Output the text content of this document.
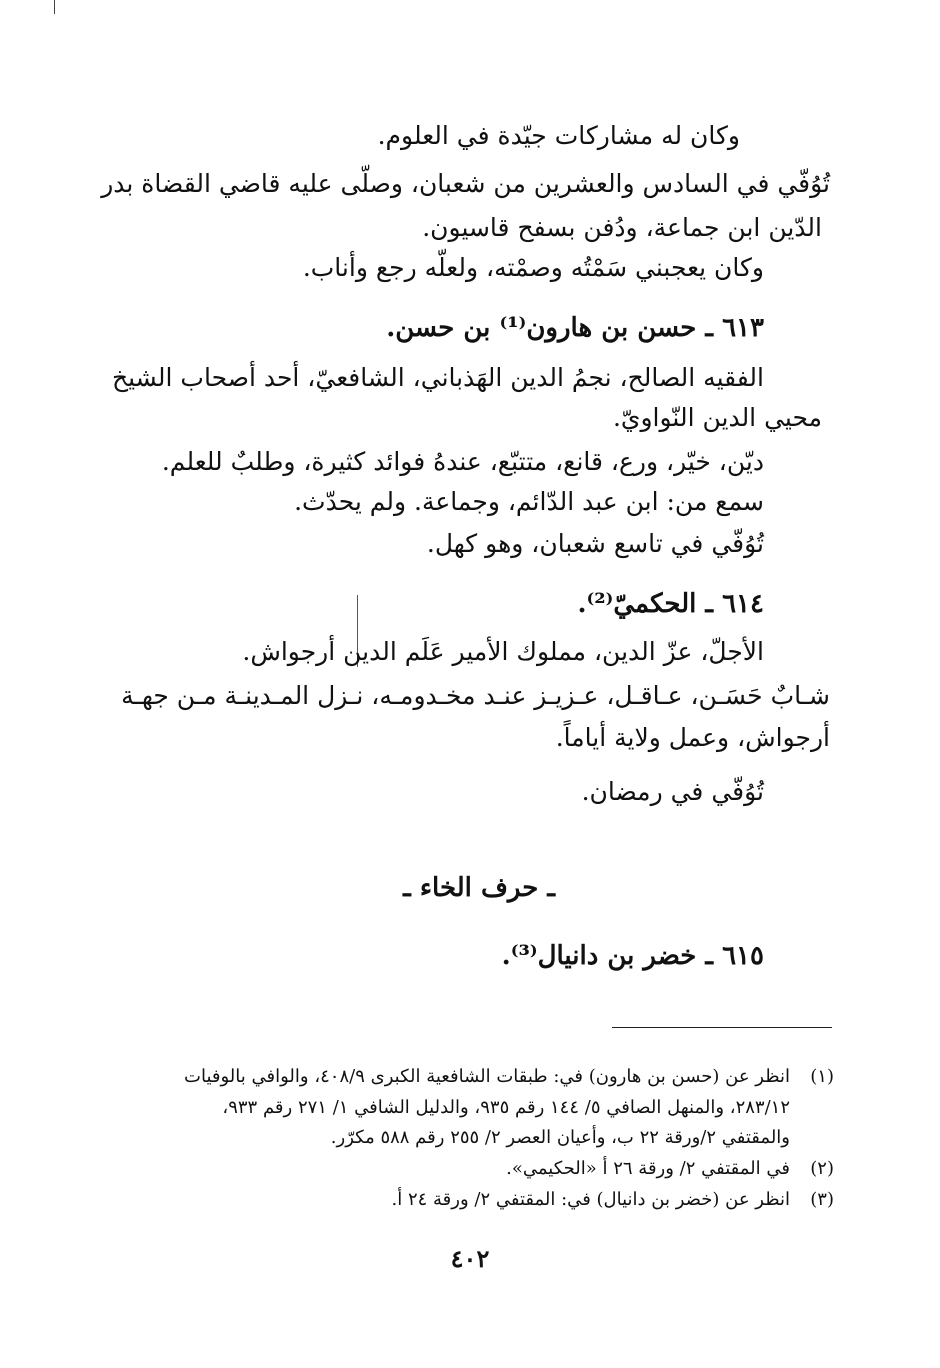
وكان له مشاركات جيّدة في العلوم.
تُوُفّي في السادس والعشرين من شعبان، وصلّى عليه قاضي القضاة بدر
الدّين ابن جماعة، ودُفن بسفح قاسيون.
وكان يعجبني سَمْتُه وصمْته، ولعلّه رجع وأناب.
٦١٣ ـ حسن بن هارون⁽¹⁾ بن حسن.
الفقيه الصالح، نجمُ الدين الهَذباني، الشافعيّ، أحد أصحاب الشيخ
محيي الدين النّواويّ.
ديّن، خيّر، ورع، قانع، متتبّع، عندهُ فوائد كثيرة، وطلبٌ للعلم.
سمع من: ابن عبد الدّائم، وجماعة. ولم يحدّث.
تُوُفّي في تاسع شعبان، وهو كهل.
٦١٤ ـ الحكميّ⁽²⁾.
الأجلّ، عزّ الدين، مملوك الأمير عَلَم الدين أرجواش.
شـابٌ حَسَـن، عـاقـل، عـزيـز عنـد مخـدومـه، نـزل المـدينـة مـن جهـة
أرجواش، وعمل ولاية أياماً.
تُوُفّي في رمضان.
ـ حرف الخاء ـ
٦١٥ ـ خضر بن دانيال⁽³⁾.
(١)
انظر عن (حسن بن هارون) في: طبقات الشافعية الكبرى ٤٠٨/٩، والوافي بالوفيات
٢٨٣/١٢، والمنهل الصافي ٥/ ١٤٤ رقم ٩٣٥، والدليل الشافي ١/ ٢٧١ رقم ٩٣٣،
والمقتفي ٢/ورقة ٢٢ ب، وأعيان العصر ٢/ ٢٥٥ رقم ٥٨٨ مكرّر.
(٢)
في المقتفي ٢/ ورقة ٢٦ أ «الحكيمي».
(٣)
انظر عن (خضر بن دانيال) في: المقتفي ٢/ ورقة ٢٤ أ.
٤٠٢
